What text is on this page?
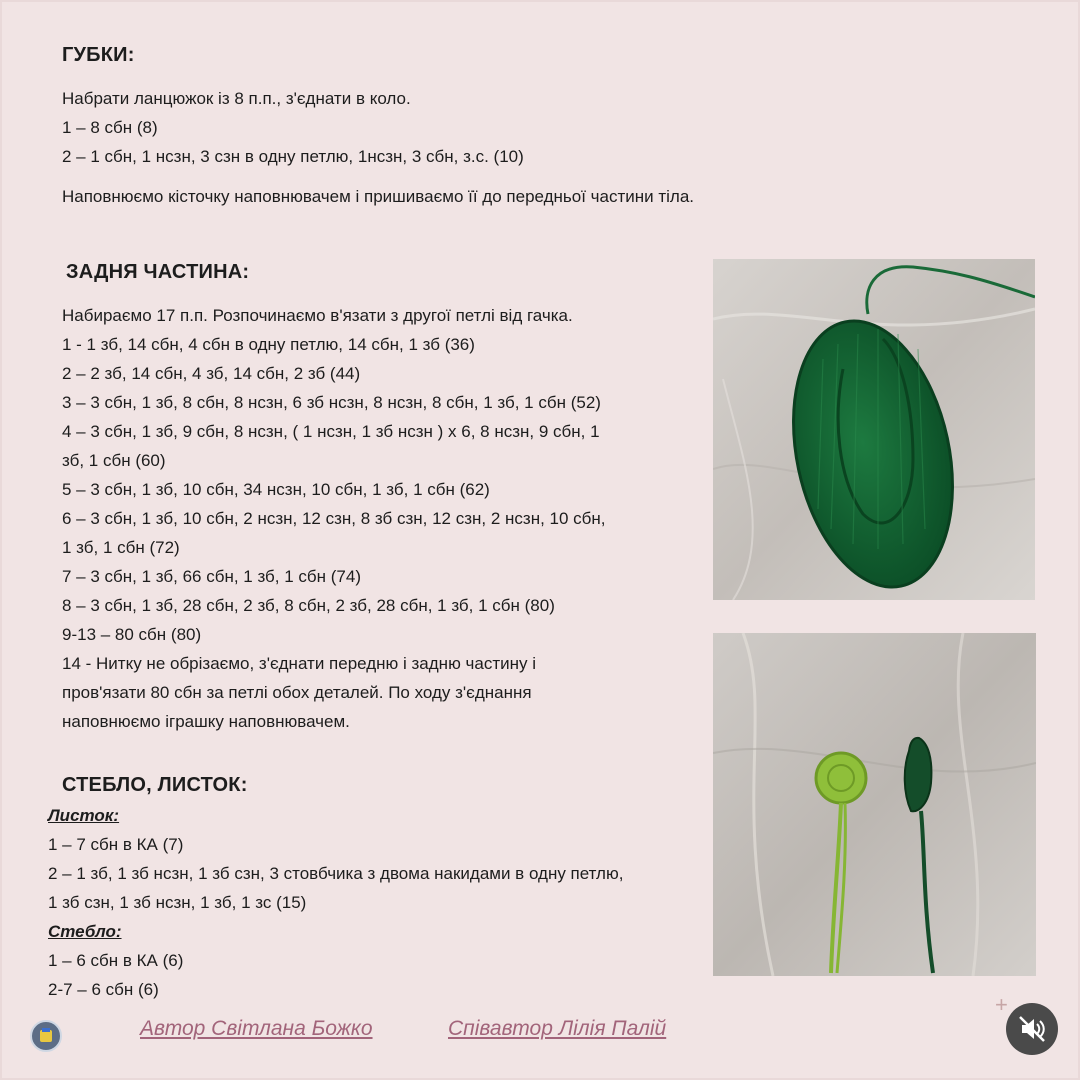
ГУБКИ:
Набрати ланцюжок із 8 п.п., з'єднати в коло.
1 – 8 сбн (8)
2 – 1 сбн, 1 нсзн, 3 сзн в одну петлю, 1нсзн, 3 сбн, з.с. (10)
Наповнюємо кісточку наповнювачем і пришиваємо її до передньої частини тіла.
ЗАДНЯ ЧАСТИНА:
Набираємо 17 п.п. Розпочинаємо в'язати з другої петлі від гачка.
1 - 1 зб, 14 сбн, 4 сбн в одну петлю, 14 сбн, 1 зб (36)
2 – 2 зб, 14 сбн, 4 зб, 14 сбн, 2 зб (44)
3 – 3 сбн, 1 зб, 8 сбн, 8 нсзн, 6 зб нсзн, 8 нсзн, 8 сбн, 1 зб, 1 сбн (52)
4 – 3 сбн, 1 зб, 9 сбн, 8 нсзн, ( 1 нсзн, 1 зб нсзн ) х 6, 8 нсзн, 9 сбн, 1
зб, 1 сбн (60)
5 – 3 сбн, 1 зб, 10 сбн, 34 нсзн, 10 сбн, 1 зб, 1 сбн (62)
6 – 3 сбн, 1 зб, 10 сбн, 2 нсзн, 12 сзн, 8 зб сзн, 12 сзн, 2 нсзн, 10 сбн,
1 зб, 1 сбн (72)
7 – 3 сбн, 1 зб, 66 сбн, 1 зб, 1 сбн (74)
8 – 3 сбн, 1 зб, 28 сбн, 2 зб, 8 сбн, 2 зб, 28 сбн, 1 зб, 1 сбн (80)
9-13 – 80 сбн (80)
14 - Нитку не обрізаємо, з'єднати передню і задню частину і
пров'язати 80 сбн за петлі обох деталей. По ходу з'єднання
наповнюємо іграшку наповнювачем.
СТЕБЛО, ЛИСТОК:
Листок:
1 – 7 сбн в КА (7)
2 – 1 зб, 1 зб нсзн, 1 зб сзн, 3 стовбчика з двома накидами в одну петлю,
1 зб сзн, 1 зб нсзн, 1 зб, 1 зс (15)
Стебло:
1 – 6 сбн в КА (6)
2-7 – 6 сбн (6)
Автор Світлана Божко	Співавтор Лілія Палій
+
